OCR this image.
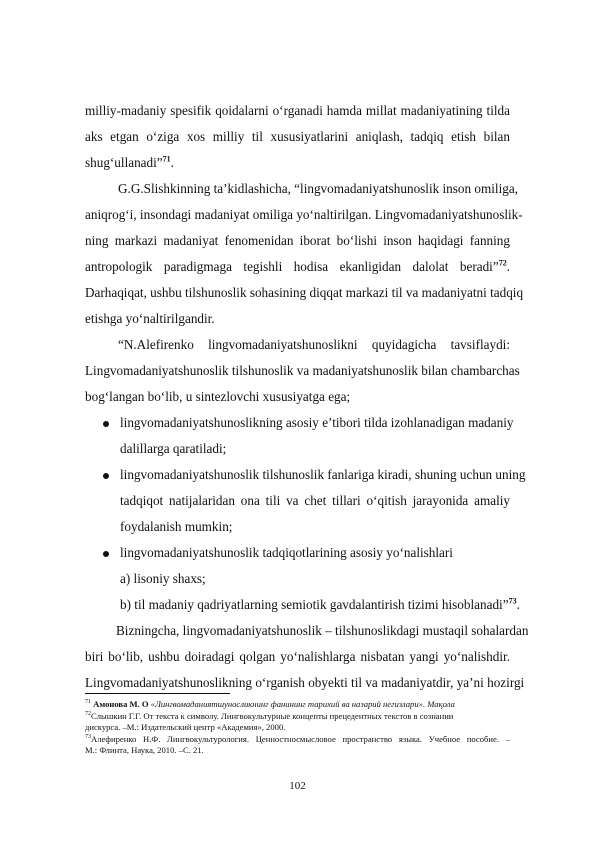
milliy-madaniy spesifik qoidalarni o‘rganadi hamda millat madaniyatining tilda
aks etgan o‘ziga xos milliy til xususiyatlarini aniqlash, tadqiq etish bilan
shug‘ullanadi”$^{71}$.
G.G.Slishkinning ta’kidlashicha, “lingvomadaniyatshunoslik inson omiliga,
aniqrog‘i, insondagi madaniyat omiliga yo‘naltirilgan. Lingvomadaniyatshunoslik-
ning markazi madaniyat fenomenidan iborat bo‘lishi inson haqidagi fanning
antropologik paradigmaga tegishli hodisa ekanligidan dalolat beradi”$^{72}$.
Darhaqiqat, ushbu tilshunoslik sohasining diqqat markazi til va madaniyatni tadqiq
etishga yo‘naltirilgandir.
“N.Alefirenko lingvomadaniyatshunoslikni quyidagicha tavsiflaydi:
Lingvomadaniyatshunoslik tilshunoslik va madaniyatshunoslik bilan chambarchas
bog‘langan bo‘lib, u sintezlovchi xususiyatga ega;
lingvomadaniyatshunoslikning asosiy e’tibori tilda izohlanadigan madaniy
dalillarga qaratiladi;
lingvomadaniyatshunoslik tilshunoslik fanlariga kiradi, shuning uchun uning
tadqiqot natijalaridan ona tili va chet tillari o‘qitish jarayonida amaliy
foydalanish mumkin;
lingvomadaniyatshunoslik tadqiqotlarining asosiy yo‘nalishlari
a) lisoniy shaxs;
b) til madaniy qadriyatlarning semiotik gavdalantirish tizimi hisoblanadi”$^{73}$.
Bizningcha, lingvomadaniyatshunoslik – tilshunoslikdagi mustaqil sohalardan
biri bo‘lib, ushbu doiradagi qolgan yo‘nalishlarga nisbatan yangi yo‘nalishdir.
Lingvomadaniyatshunoslikning o‘rganish obyekti til va madaniyatdir, ya’ni hozirgi
$^{71}$ Амонова М. О «Лингвомаданиятшуносликнинг фанининг тарихий ва назарий негизлари». Мақола
$^{72}$Слышкин Г.Г. От текста к символу. Лингвокультурные концепты прецедентных текстов в сознании
дискурса. –М.: Издательский центр «Академия», 2000.
$^{73}$Алефиренко Н.Ф. Лингвокультурология. Ценностносмысловое пространство языка. Учебное пособие. –
М.: Флинта, Наука, 2010. –С. 21.
102
